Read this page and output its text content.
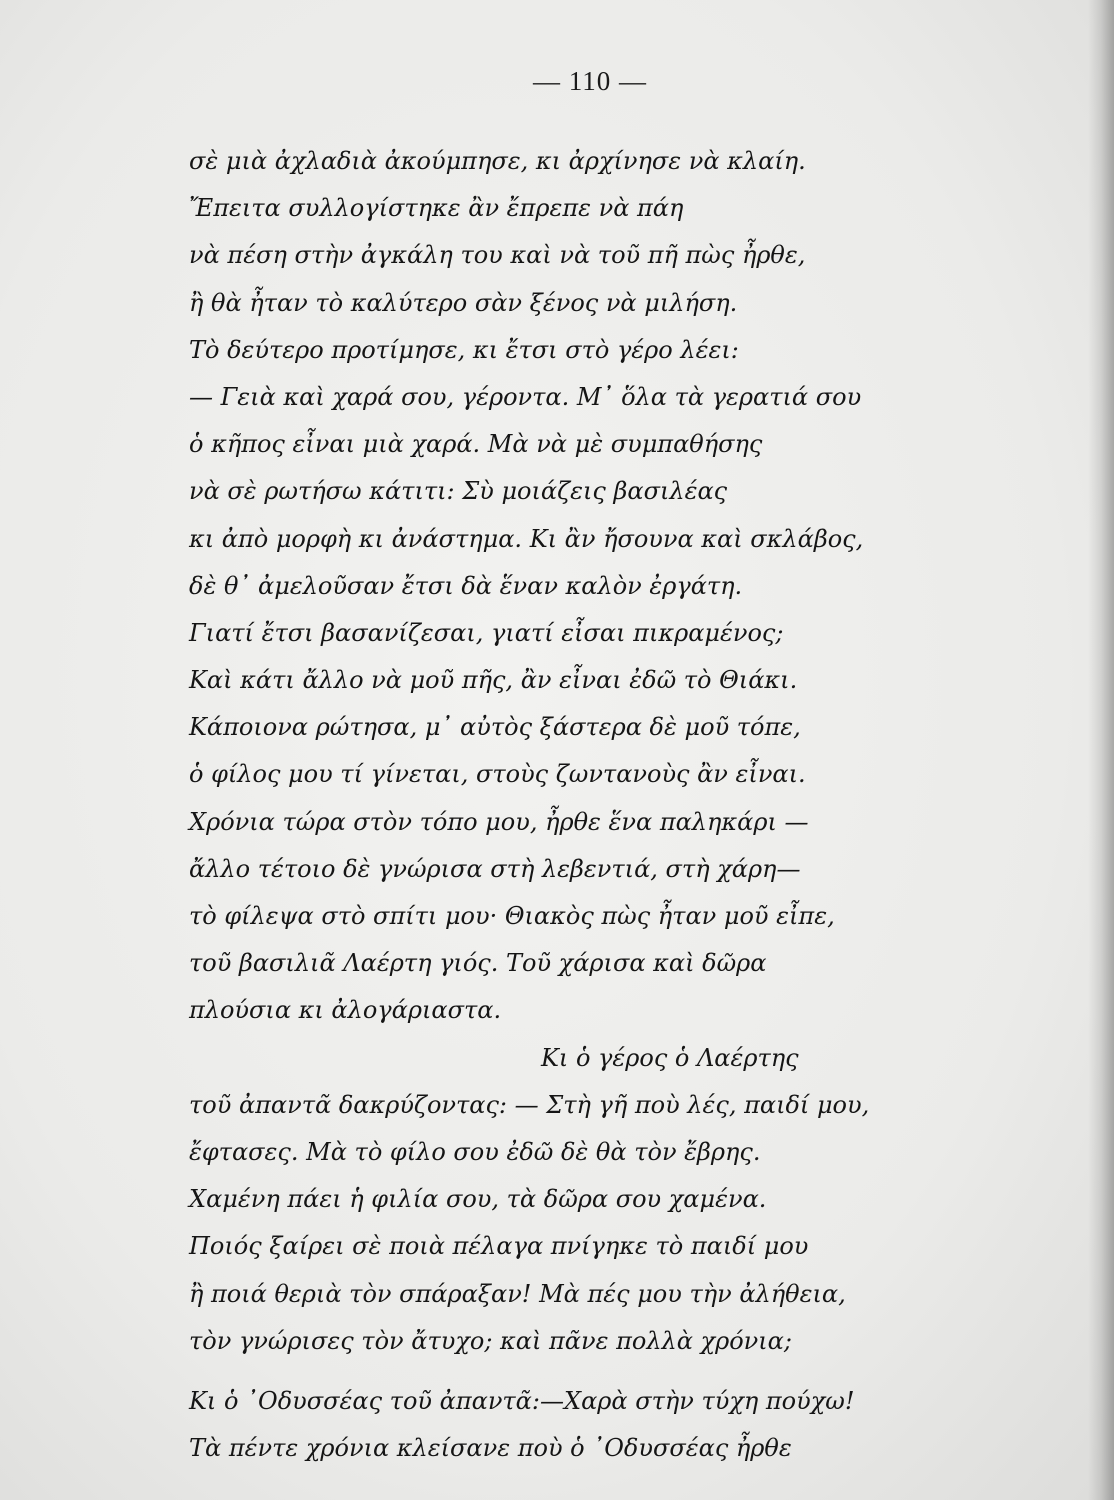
— 110 —
σὲ μιὰ ἀχλαδιὰ ἀκούμπησε, κι ἀρχίνησε νὰ κλαίη.
Ἔπειτα συλλογίστηκε ἂν ἔπρεπε νὰ πάη
νὰ πέση στὴν ἀγκάλη του καὶ νὰ τοῦ πῆ πὼς ἦρθε,
ἢ θὰ ἦταν τὸ καλύτερο σὰν ξένος νὰ μιλήση.
Τὸ δεύτερο προτίμησε, κι ἔτσι στὸ γέρο λέει:
— Γειὰ καὶ χαρά σου, γέροντα. Μ᾽ ὅλα τὰ γερατιά σου
ὁ κῆπος εἶναι μιὰ χαρά. Μὰ νὰ μὲ συμπαθήσης
νὰ σὲ ρωτήσω κάτιτι: Σὺ μοιάζεις βασιλέας
κι ἀπὸ μορφὴ κι ἀνάστημα. Κι ἂν ἤσουνα καὶ σκλάβος,
δὲ θ᾽ ἀμελοῦσαν ἔτσι δὰ ἕναν καλὸν ἐργάτη.
Γιατί ἔτσι βασανίζεσαι, γιατί εἶσαι πικραμένος;
Καὶ κάτι ἄλλο νὰ μοῦ πῆς, ἂν εἶναι ἐδῶ τὸ Θιάκι.
Κάποιονα ρώτησα, μ᾽ αὐτὸς ξάστερα δὲ μοῦ τόπε,
ὁ φίλος μου τί γίνεται, στοὺς ζωντανοὺς ἂν εἶναι.
Χρόνια τώρα στὸν τόπο μου, ἦρθε ἕνα παληκάρι —
ἄλλο τέτοιο δὲ γνώρισα στὴ λεβεντιά, στὴ χάρη—
τὸ φίλεψα στὸ σπίτι μου· Θιακὸς πὼς ἦταν μοῦ εἶπε,
τοῦ βασιλιᾶ Λαέρτη γιός. Τοῦ χάρισα καὶ δῶρα
πλούσια κι ἀλογάριαστα.
Κι ὁ γέρος ὁ Λαέρτης
τοῦ ἀπαντᾶ δακρύζοντας: — Στὴ γῆ ποὺ λές, παιδί μου,
ἔφτασες. Μὰ τὸ φίλο σου ἐδῶ δὲ θὰ τὸν ἔβρης.
Χαμένη πάει ἡ φιλία σου, τὰ δῶρα σου χαμένα.
Ποιός ξαίρει σὲ ποιὰ πέλαγα πνίγηκε τὸ παιδί μου
ἢ ποιά θεριὰ τὸν σπάραξαν! Μὰ πές μου τὴν ἀλήθεια,
τὸν γνώρισες τὸν ἄτυχο; καὶ πᾶνε πολλὰ χρόνια;
Κι ὁ ᾿Οδυσσέας τοῦ ἀπαντᾶ:—Χαρὰ στὴν τύχη πούχω!
Τὰ πέντε χρόνια κλείσανε ποὺ ὁ ᾿Οδυσσέας ἦρθε
